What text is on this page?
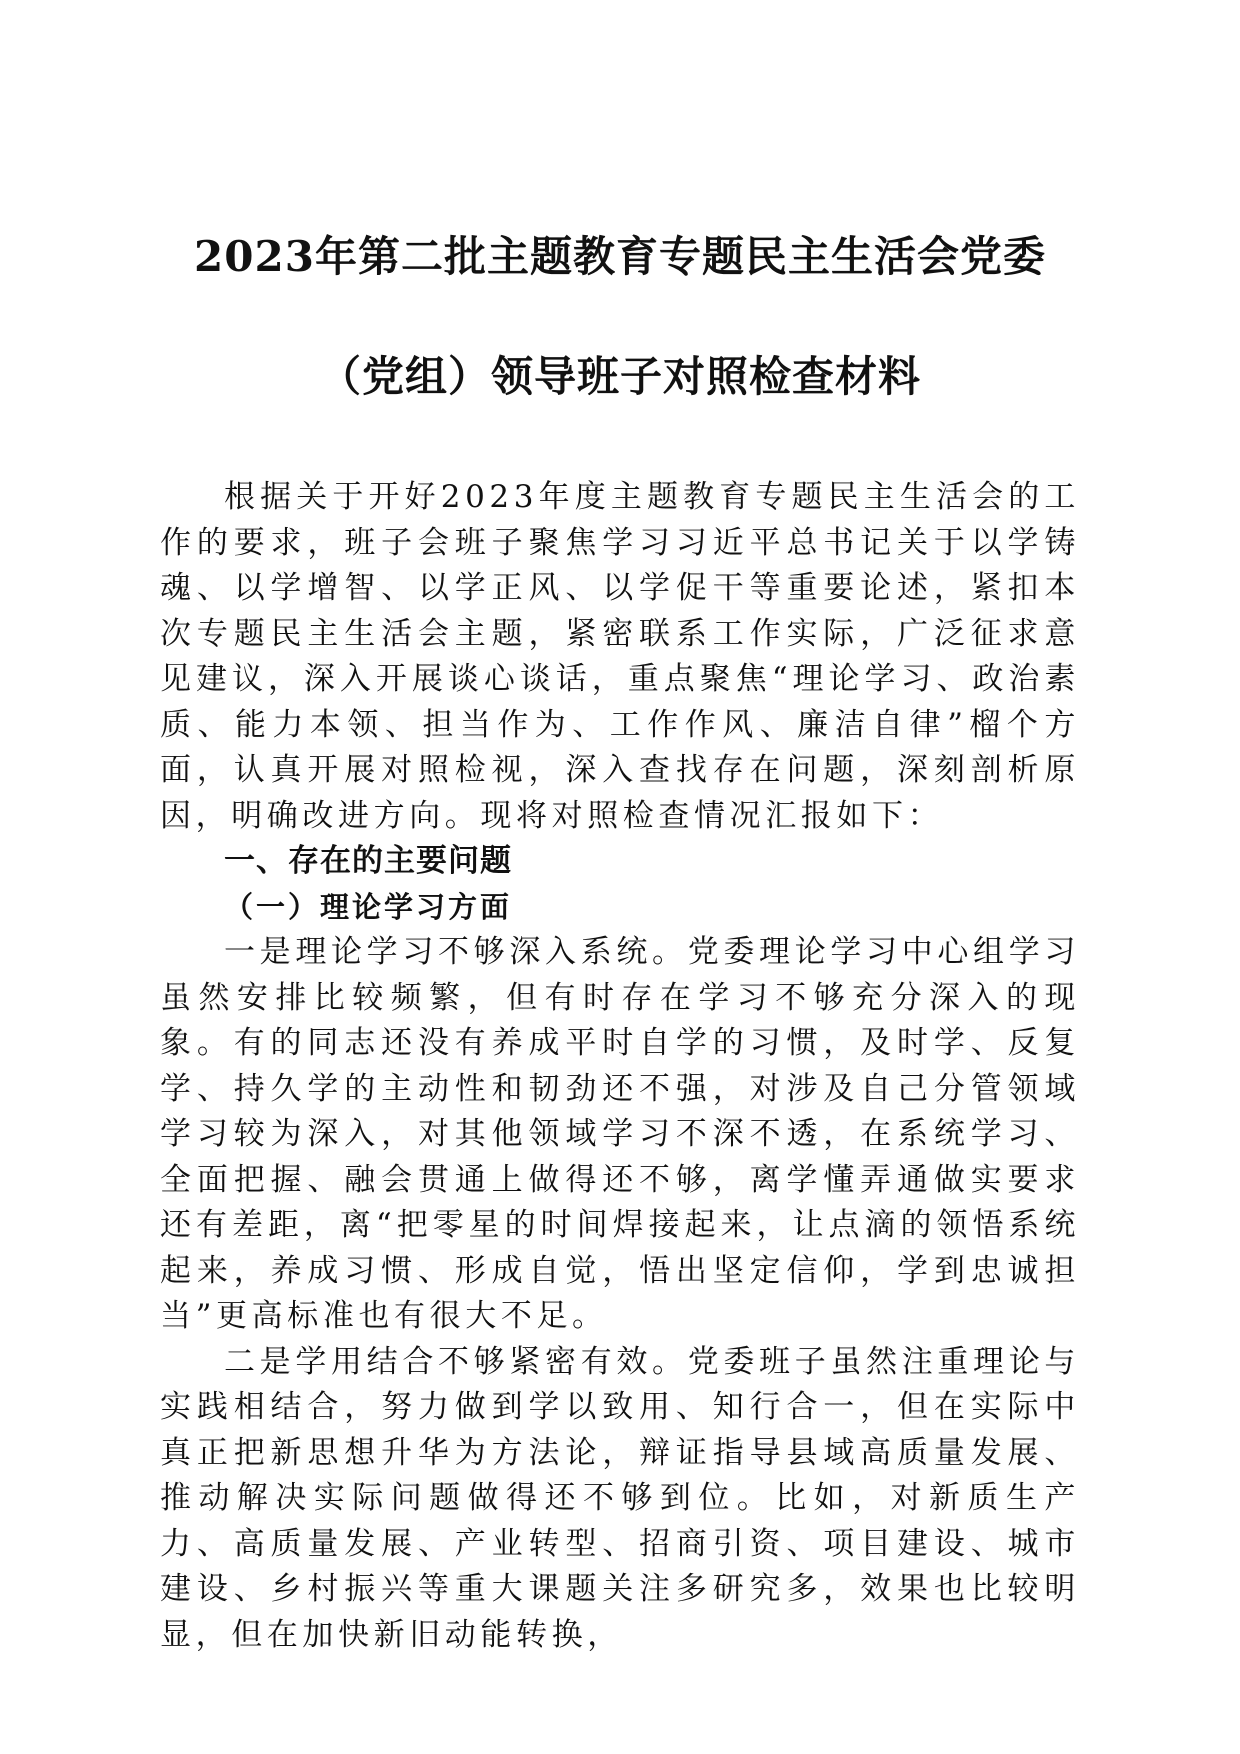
2023年第二批主题教育专题民主生活会党委
（党组）领导班子对照检查材料

根据关于开好2023年度主题教育专题民主生活会的工作的要求，班子会班子聚焦学习习近平总书记关于以学铸魂、以学增智、以学正风、以学促干等重要论述，紧扣本次专题民主生活会主题，紧密联系工作实际，广泛征求意见建议，深入开展谈心谈话，重点聚焦“理论学习、政治素质、能力本领、担当作为、工作作风、廉洁自律”榴个方面，认真开展对照检视，深入查找存在问题，深刻剖析原因，明确改进方向。现将对照检查情况汇报如下：

一、存在的主要问题

（一）理论学习方面

一是理论学习不够深入系统。党委理论学习中心组学习虽然安排比较频繁，但有时存在学习不够充分深入的现象。有的同志还没有养成平时自学的习惯，及时学、反复学、持久学的主动性和韧劲还不强，对涉及自己分管领域学习较为深入，对其他领域学习不深不透，在系统学习、全面把握、融会贯通上做得还不够，离学懂弄通做实要求还有差距，离“把零星的时间焊接起来，让点滴的领悟系统起来，养成习惯、形成自觉，悟出坚定信仰，学到忠诚担当”更高标准也有很大不足。

二是学用结合不够紧密有效。党委班子虽然注重理论与实践相结合，努力做到学以致用、知行合一，但在实际中真正把新思想升华为方法论，辩证指导县域高质量发展、推动解决实际问题做得还不够到位。比如，对新质生产力、高质量发展、产业转型、招商引资、项目建设、城市建设、乡村振兴等重大课题关注多研究多，效果也比较明显，但在加快新旧动能转换，
